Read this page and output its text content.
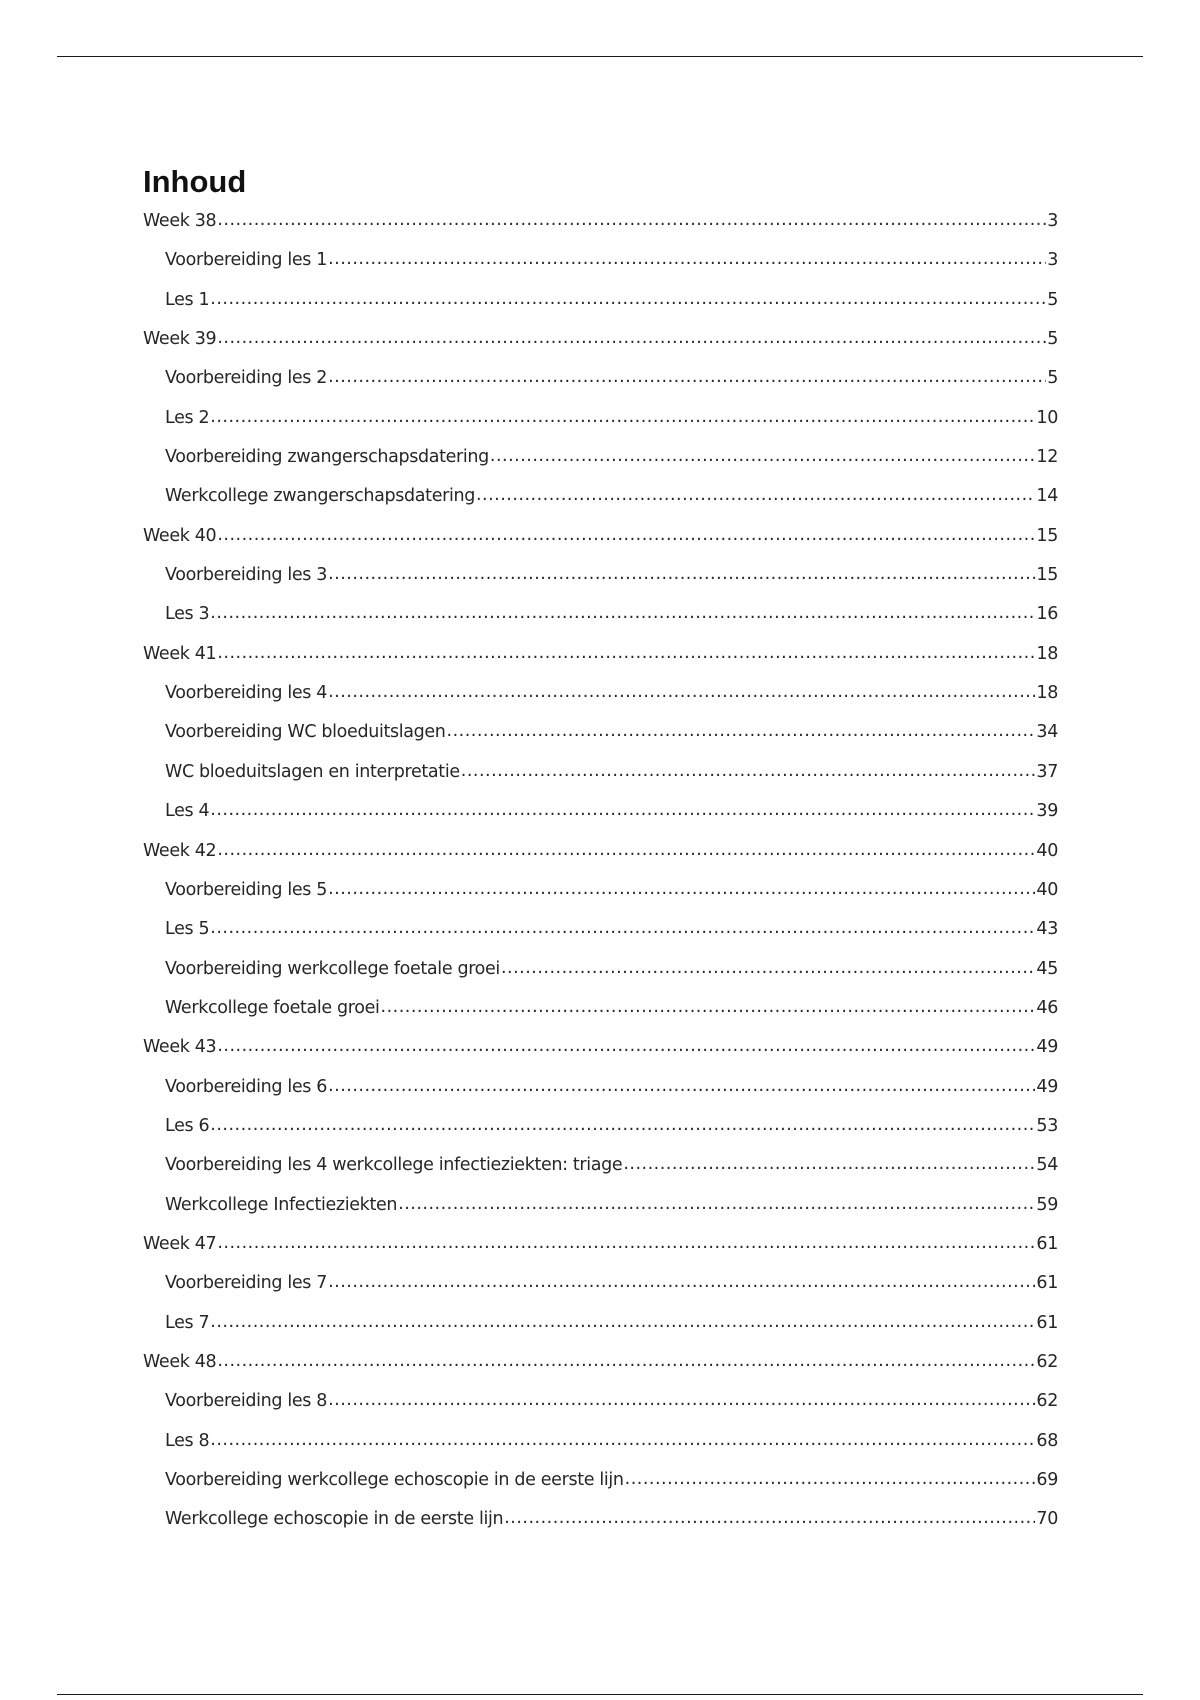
Inhoud
Week 38 .....	3
Voorbereiding les 1 .....	3
Les 1 .....	5
Week 39 .....	5
Voorbereiding les 2 .....	5
Les 2 .....	10
Voorbereiding zwangerschapsdatering .....	12
Werkcollege zwangerschapsdatering .....	14
Week 40 .....	15
Voorbereiding les 3 .....	15
Les 3 .....	16
Week 41 .....	18
Voorbereiding les 4 .....	18
Voorbereiding WC bloeduitslagen .....	34
WC bloeduitslagen en interpretatie .....	37
Les 4 .....	39
Week 42 .....	40
Voorbereiding les 5 .....	40
Les 5 .....	43
Voorbereiding werkcollege foetale groei .....	45
Werkcollege foetale groei .....	46
Week 43 .....	49
Voorbereiding les 6 .....	49
Les 6 .....	53
Voorbereiding les 4 werkcollege infectieziekten: triage .....	54
Werkcollege Infectieziekten .....	59
Week 47 .....	61
Voorbereiding les 7 .....	61
Les 7 .....	61
Week 48 .....	62
Voorbereiding les 8 .....	62
Les 8 .....	68
Voorbereiding werkcollege echoscopie in de eerste lijn .....	69
Werkcollege echoscopie in de eerste lijn .....	70
